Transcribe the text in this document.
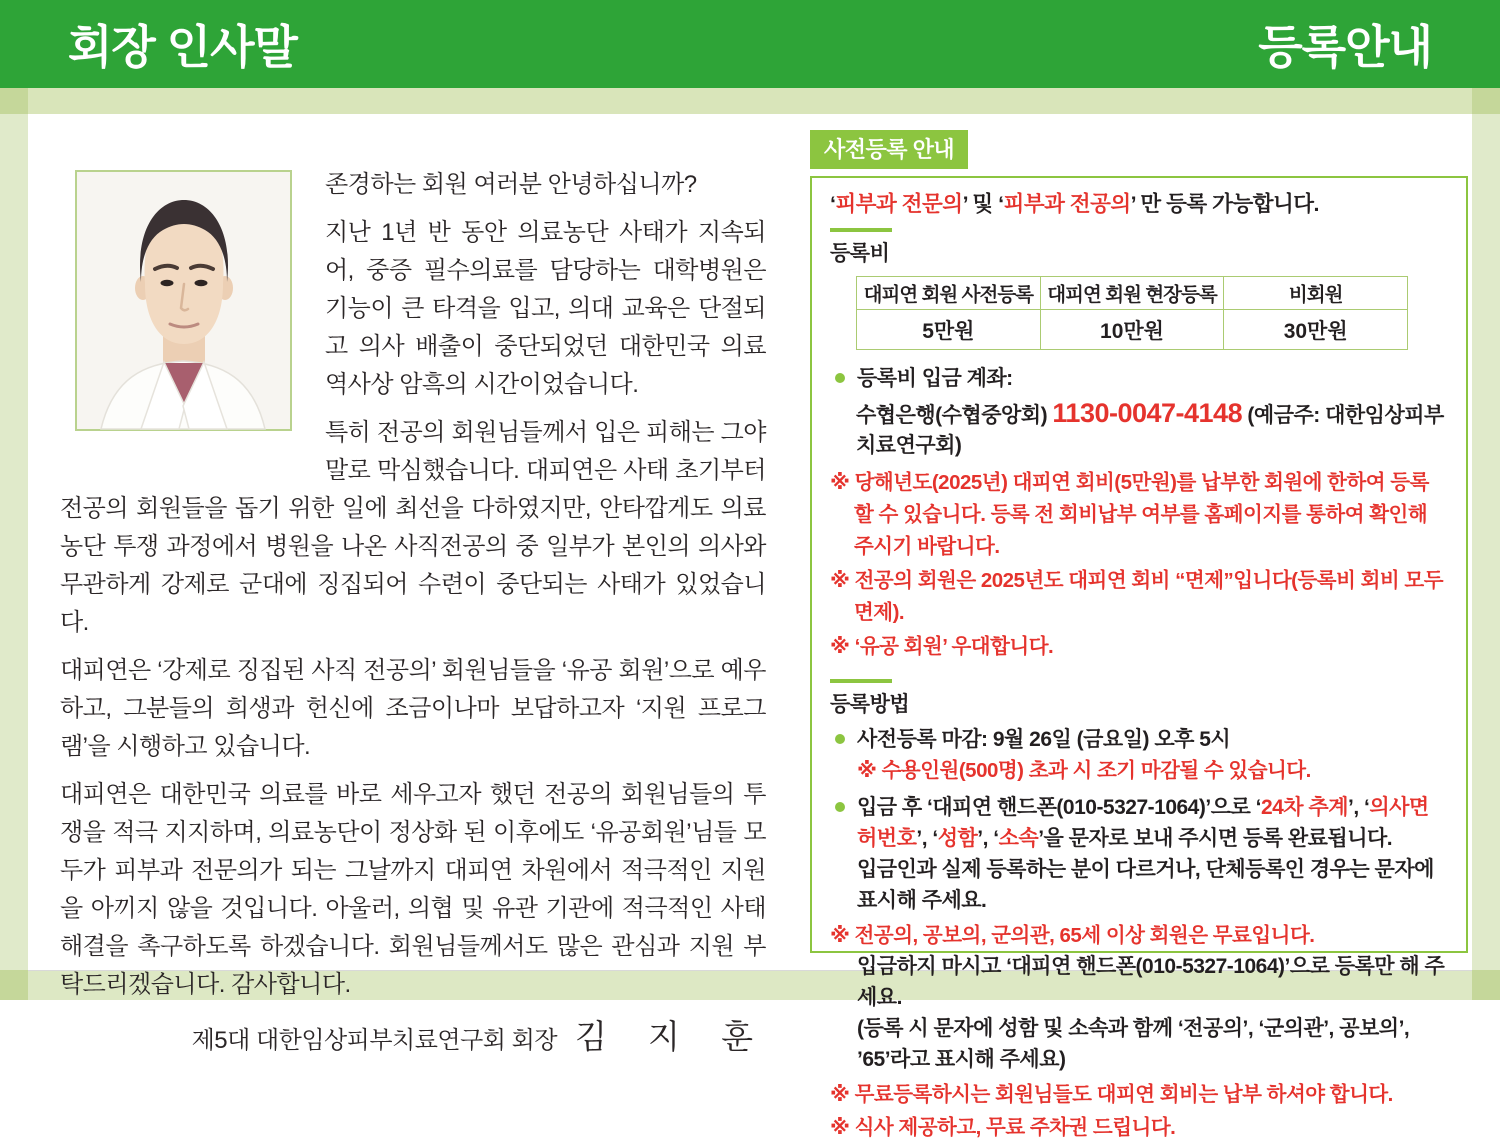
회장 인사말	등록안내

존경하는 회원 여러분 안녕하십니까?

지난 1년 반 동안 의료농단 사태가 지속되어, 중증 필수의료를 담당하는 대학병원은 기능이 큰 타격을 입고, 의대 교육은 단절되고 의사 배출이 중단되었던 대한민국 의료 역사상 암흑의 시간이었습니다.

특히 전공의 회원님들께서 입은 피해는 그야말로 막심했습니다. 대피연은 사태 초기부터 전공의 회원들을 돕기 위한 일에 최선을 다하였지만, 안타깝게도 의료농단 투쟁 과정에서 병원을 나온 사직전공의 중 일부가 본인의 의사와 무관하게 강제로 군대에 징집되어 수련이 중단되는 사태가 있었습니다.

대피연은 ‘강제로 징집된 사직 전공의’ 회원님들을 ‘유공 회원’으로 예우하고, 그분들의 희생과 헌신에 조금이나마 보답하고자 ‘지원 프로그램’을 시행하고 있습니다.

대피연은 대한민국 의료를 바로 세우고자 했던 전공의 회원님들의 투쟁을 적극 지지하며, 의료농단이 정상화 된 이후에도 ‘유공회원’님들 모두가 피부과 전문의가 되는 그날까지 대피연 차원에서 적극적인 지원을 아끼지 않을 것입니다. 아울러, 의협 및 유관 기관에 적극적인 사태 해결을 촉구하도록 하겠습니다. 회원님들께서도 많은 관심과 지원 부탁드리겠습니다. 감사합니다.

제5대 대한임상피부치료연구회 회장 김 지 훈
사전등록 안내
‘피부과 전문의’ 및 ‘피부과 전공의’ 만 등록 가능합니다.
등록비
대피연 회원 사전등록	대피연 회원 현장등록	비회원
5만원	10만원	30만원
등록비 입금 계좌:
수협은행(수협중앙회) 1130-0047-4148 (예금주: 대한임상피부치료연구회)
※ 당해년도(2025년) 대피연 회비(5만원)를 납부한 회원에 한하여 등록할 수 있습니다. 등록 전 회비납부 여부를 홈페이지를 통하여 확인해 주시기 바랍니다.
※ 전공의 회원은 2025년도 대피연 회비 “면제”입니다(등록비 회비 모두 면제).
※ ‘유공 회원’ 우대합니다.
등록방법
사전등록 마감: 9월 26일 (금요일) 오후 5시
※ 수용인원(500명) 초과 시 조기 마감될 수 있습니다.
입금 후 ‘대피연 핸드폰(010-5327-1064)’으로 ‘24차 추계’, ‘의사면허번호’, ‘성함’, ‘소속’을 문자로 보내 주시면 등록 완료됩니다.
입금인과 실제 등록하는 분이 다르거나, 단체등록인 경우는 문자에 표시해 주세요.
※ 전공의, 공보의, 군의관, 65세 이상 회원은 무료입니다.
입금하지 마시고 ‘대피연 핸드폰(010-5327-1064)’으로 등록만 해 주세요.
(등록 시 문자에 성함 및 소속과 함께 ‘전공의’, ‘군의관’, 공보의’, ’65’라고 표시해 주세요)
※ 무료등록하시는 회원님들도 대피연 회비는 납부 하셔야 합니다.
※ 식사 제공하고, 무료 주차권 드립니다.
